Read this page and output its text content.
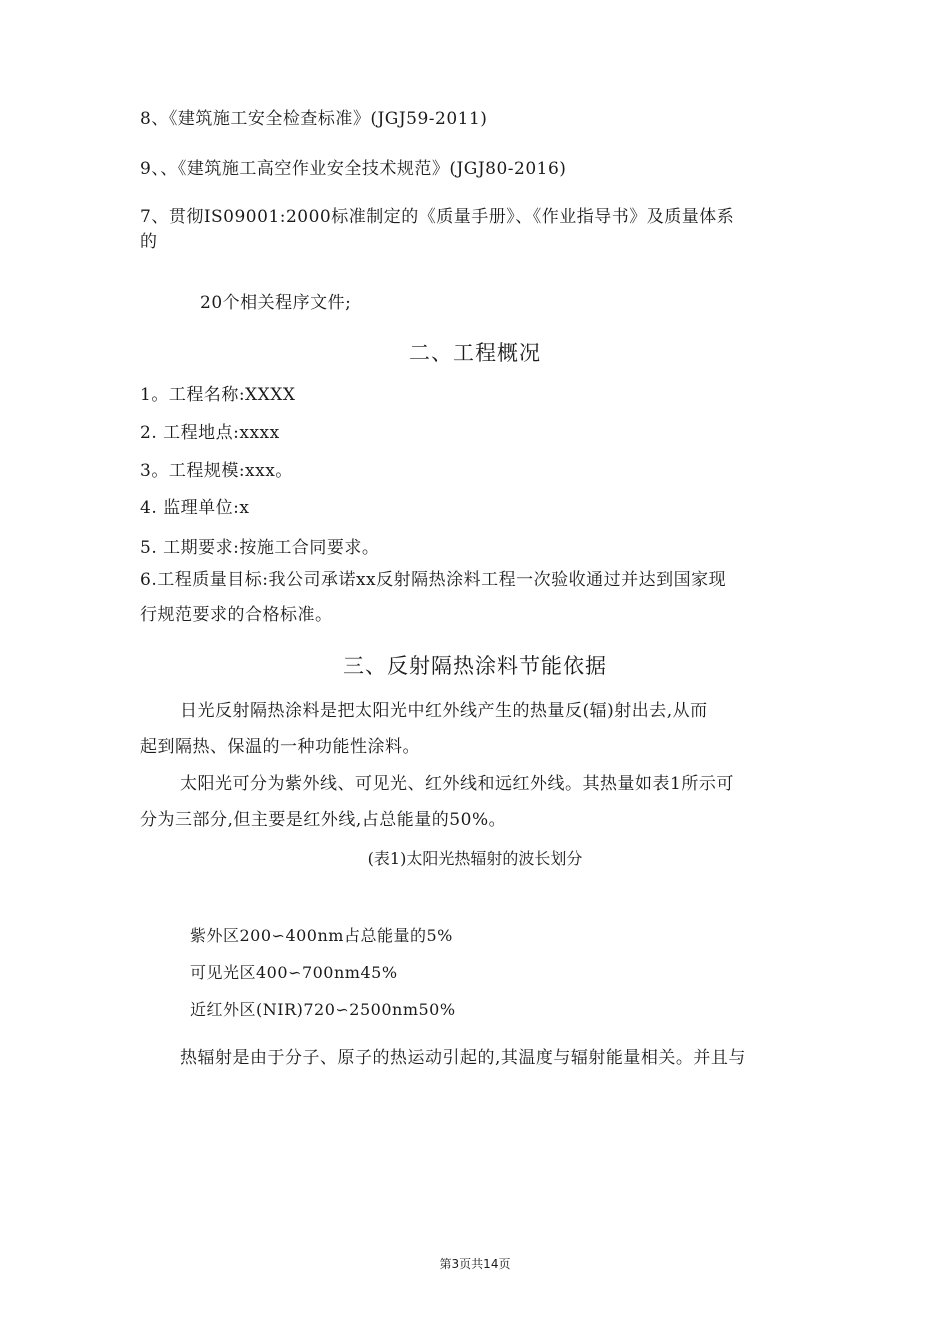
8、《建筑施工安全检查标准》(JGJ59-2011)
9、、《建筑施工高空作业安全技术规范》(JGJ80-2016)
7、贯彻IS09001:2000标准制定的《质量手册》、《作业指导书》及质量体系
的
20个相关程序文件;
二、工程概况
1。工程名称:XXXX
2. 工程地点:xxxx
3。工程规模:xxx。
4. 监理单位:x
5. 工期要求:按施工合同要求。
6.工程质量目标:我公司承诺xx反射隔热涂料工程一次验收通过并达到国家现
行规范要求的合格标准。
三、反射隔热涂料节能依据
日光反射隔热涂料是把太阳光中红外线产生的热量反(辐)射出去,从而
起到隔热、保温的一种功能性涂料。
太阳光可分为紫外线、可见光、红外线和远红外线。其热量如表1所示可
分为三部分,但主要是红外线,占总能量的50%。
(表1)太阳光热辐射的波长划分
紫外区200∽400nm占总能量的5%
可见光区400∽700nm45%
近红外区(NIR)720∽2500nm50%
热辐射是由于分子、原子的热运动引起的,其温度与辐射能量相关。并且与
第3页共14页
